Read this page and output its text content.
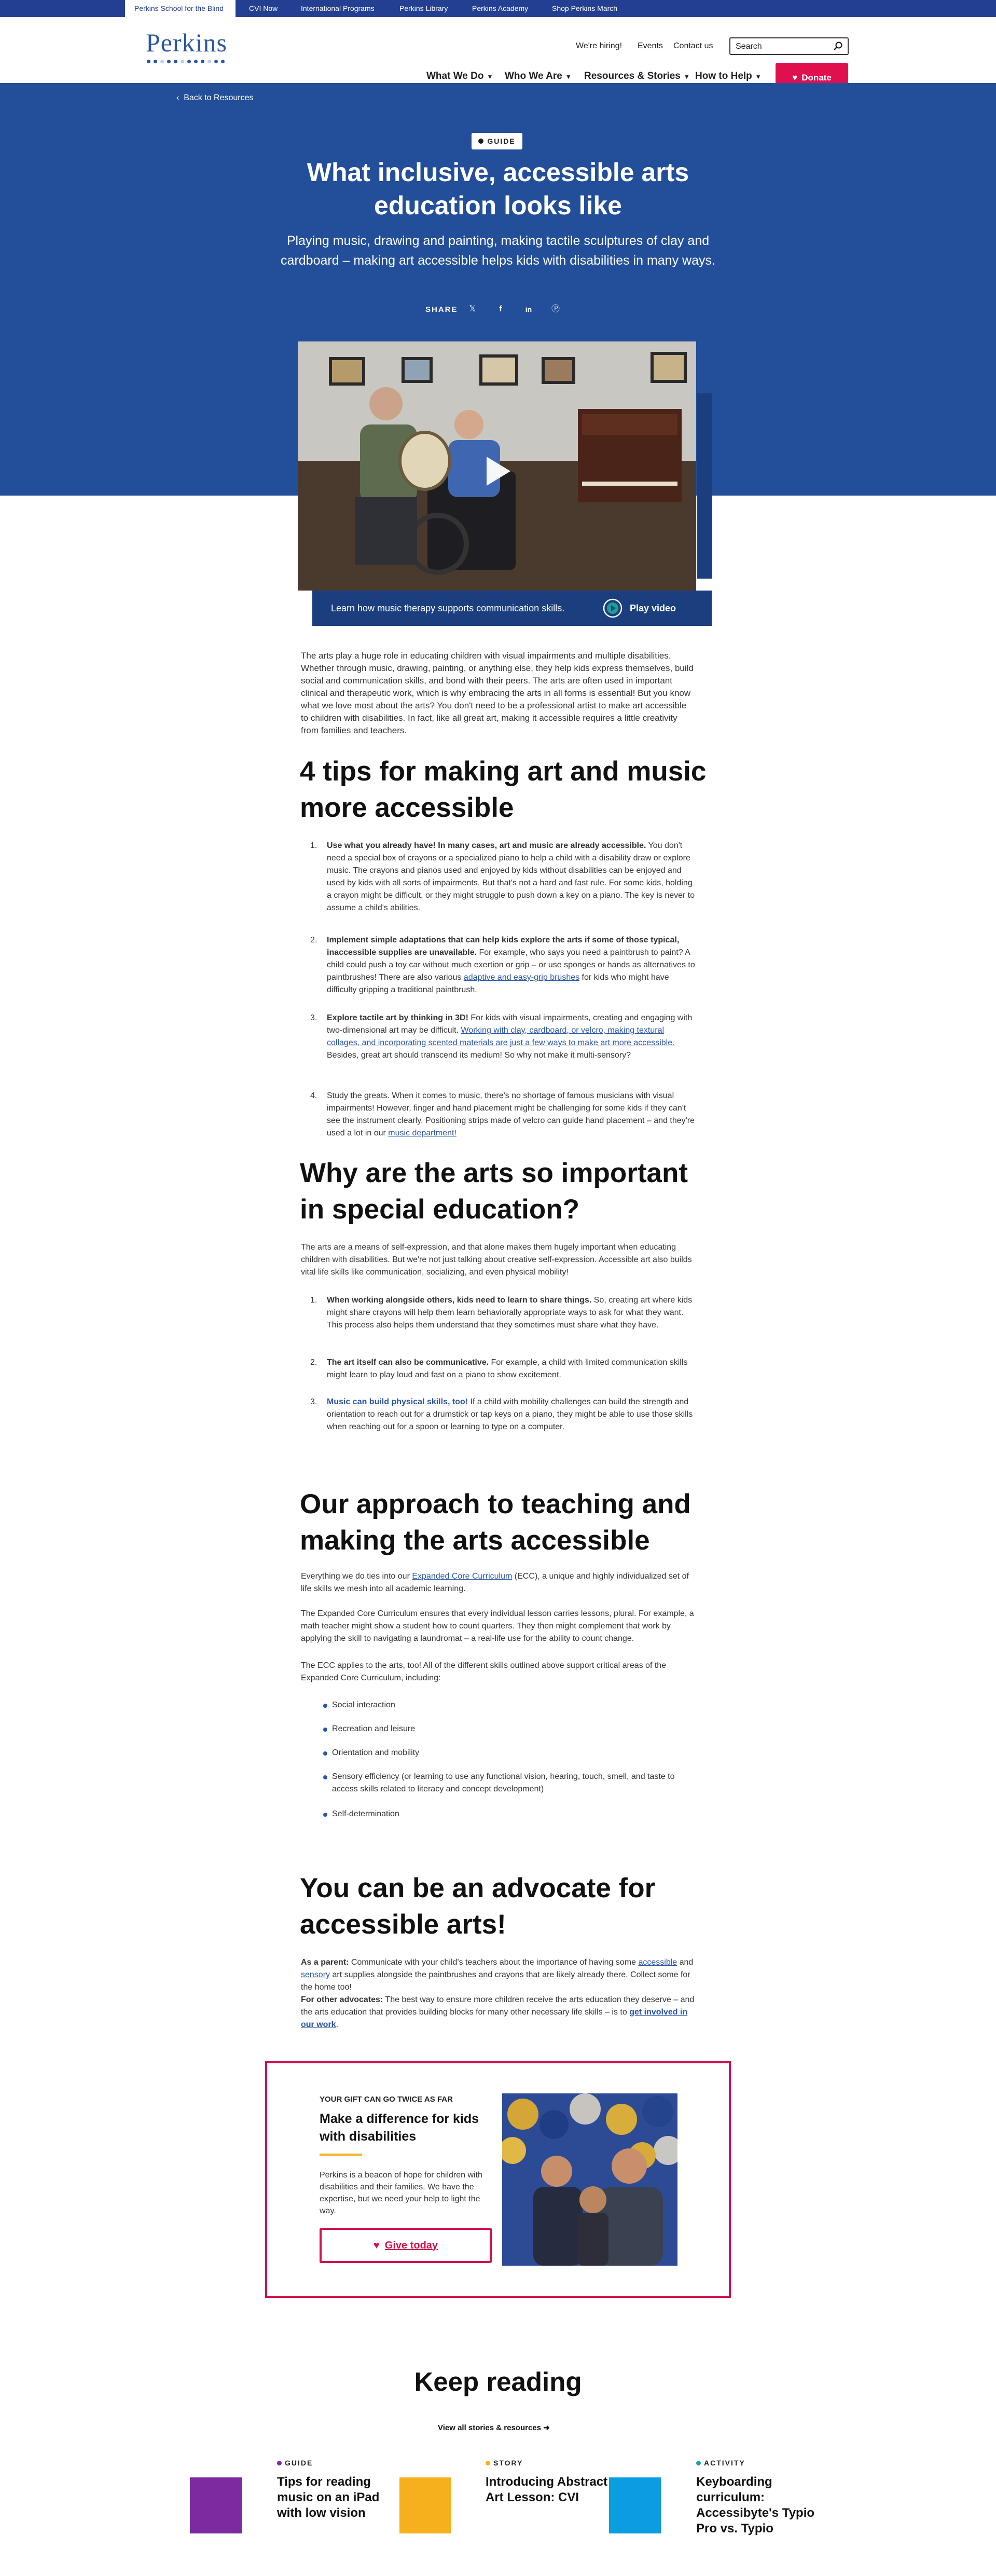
Perkins School for the Blind	CVI Now	International Programs	Perkins Library	Perkins Academy	Shop Perkins March
Perkins	We're hiring! Events Contact us	Search
What We Do ▼ Who We Are ▼ Resources & Stories ▼ How to Help ▼	♥ Donate
‹  Back to Resources
GUIDE
What inclusive, accessible arts education looks like

Playing music, drawing and painting, making tactile sculptures of clay and cardboard – making art accessible helps kids with disabilities in many ways.

SHARE	𝕏	f	in	Ⓟ
Learn how music therapy supports communication skills.	Play video

The arts play a huge role in educating children with visual impairments and multiple disabilities. Whether through music, drawing, painting, or anything else, they help kids express themselves, build social and communication skills, and bond with their peers. The arts are often used in important clinical and therapeutic work, which is why embracing the arts in all forms is essential! But you know what we love most about the arts? You don't need to be a professional artist to make art accessible to children with disabilities. In fact, like all great art, making it accessible requires a little creativity from families and teachers.

4 tips for making art and music more accessible
1. Use what you already have! In many cases, art and music are already accessible. You don't need a special box of crayons or a specialized piano to help a child with a disability draw or explore music. The crayons and pianos used and enjoyed by kids without disabilities can be enjoyed and used by kids with all sorts of impairments. But that's not a hard and fast rule. For some kids, holding a crayon might be difficult, or they might struggle to push down a key on a piano. The key is never to assume a child's abilities.
2. Implement simple adaptations that can help kids explore the arts if some of those typical, inaccessible supplies are unavailable. For example, who says you need a paintbrush to paint? A child could push a toy car without much exertion or grip – or use sponges or hands as alternatives to paintbrushes! There are also various adaptive and easy-grip brushes for kids who might have difficulty gripping a traditional paintbrush.
3. Explore tactile art by thinking in 3D! For kids with visual impairments, creating and engaging with two-dimensional art may be difficult. Working with clay, cardboard, or velcro, making textural collages, and incorporating scented materials are just a few ways to make art more accessible. Besides, great art should transcend its medium! So why not make it multi-sensory?
4. Study the greats. When it comes to music, there's no shortage of famous musicians with visual impairments! However, finger and hand placement might be challenging for some kids if they can't see the instrument clearly. Positioning strips made of velcro can guide hand placement – and they're used a lot in our music department!
Why are the arts so important in special education?

The arts are a means of self-expression, and that alone makes them hugely important when educating children with disabilities. But we're not just talking about creative self-expression. Accessible art also builds vital life skills like communication, socializing, and even physical mobility!

1. When working alongside others, kids need to learn to share things. So, creating art where kids might share crayons will help them learn behaviorally appropriate ways to ask for what they want. This process also helps them understand that they sometimes must share what they have.
2. The art itself can also be communicative. For example, a child with limited communication skills might learn to play loud and fast on a piano to show excitement.
3. Music can build physical skills, too! If a child with mobility challenges can build the strength and orientation to reach out for a drumstick or tap keys on a piano, they might be able to use those skills when reaching out for a spoon or learning to type on a computer.
Our approach to teaching and making the arts accessible

Everything we do ties into our Expanded Core Curriculum (ECC), a unique and highly individualized set of life skills we mesh into all academic learning.

The Expanded Core Curriculum ensures that every individual lesson carries lessons, plural. For example, a math teacher might show a student how to count quarters. They then might complement that work by applying the skill to navigating a laundromat – a real-life use for the ability to count change.

The ECC applies to the arts, too! All of the different skills outlined above support critical areas of the Expanded Core Curriculum, including:

Social interaction
Recreation and leisure
Orientation and mobility
Sensory efficiency (or learning to use any functional vision, hearing, touch, smell, and taste to access skills related to literacy and concept development)
Self-determination
You can be an advocate for accessible arts!

As a parent: Communicate with your child's teachers about the importance of having some accessible and sensory art supplies alongside the paintbrushes and crayons that are likely already there. Collect some for the home too!

For other advocates: The best way to ensure more children receive the arts education they deserve – and the arts education that provides building blocks for many other necessary life skills – is to get involved in our work.

YOUR GIFT CAN GO TWICE AS FAR
Make a difference for kids with disabilities
Perkins is a beacon of hope for children with disabilities and their families. We have the expertise, but we need your help to light the way.
♥ Give today
Keep reading
View all stories & resources ➜
GUIDE
Tips for reading music on an iPad with low vision
STORY
Introducing Abstract Art Lesson: CVI
ACTIVITY
Keyboarding curriculum: Accessibyte's Typio Pro vs. Typio
